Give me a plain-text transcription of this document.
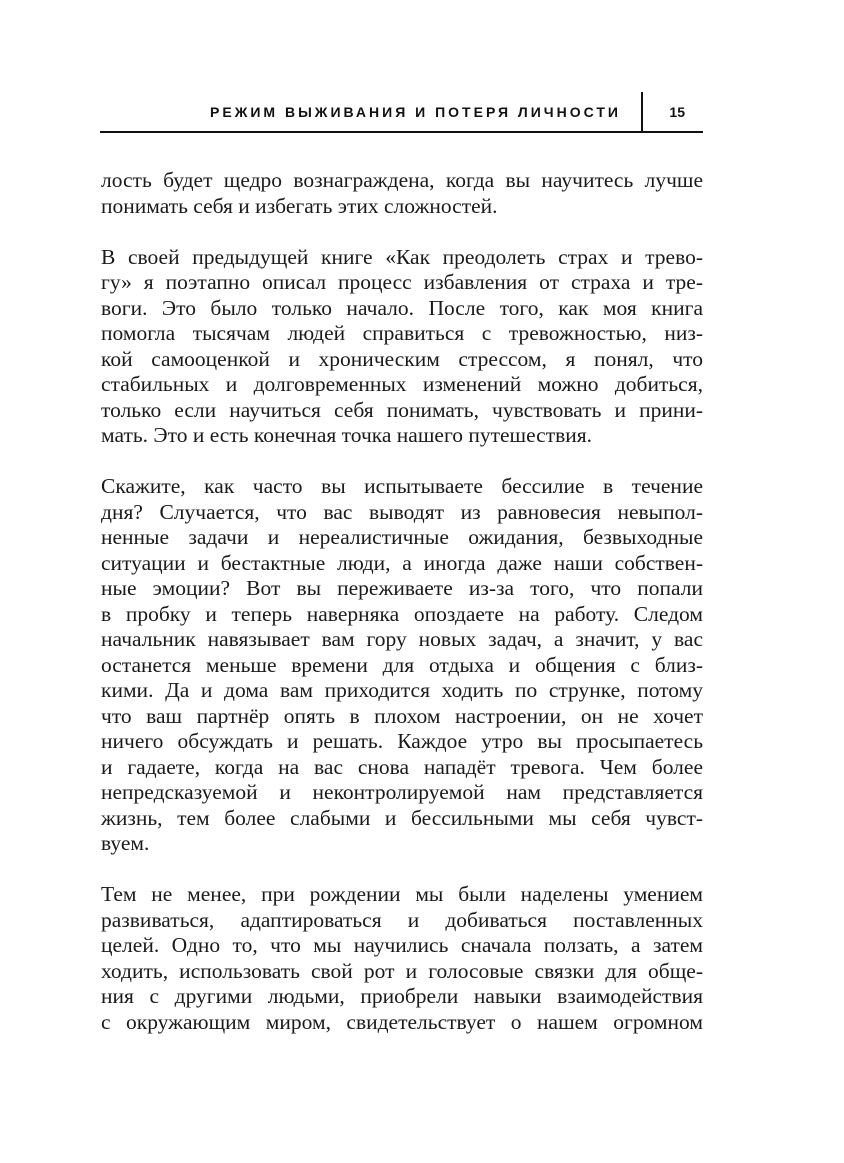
РЕЖИМ ВЫЖИВАНИЯ И ПОТЕРЯ ЛИЧНОСТИ	15
лость будет щедро вознаграждена, когда вы научитесь лучше
понимать себя и избегать этих сложностей.
В своей предыдущей книге «Как преодолеть страх и трево-
гу» я поэтапно описал процесс избавления от страха и тре-
воги. Это было только начало. После того, как моя книга
помогла тысячам людей справиться с тревожностью, низ-
кой самооценкой и хроническим стрессом, я понял, что
стабильных и долговременных изменений можно добиться,
только если научиться себя понимать, чувствовать и прини-
мать. Это и есть конечная точка нашего путешествия.
Скажите, как часто вы испытываете бессилие в течение
дня? Случается, что вас выводят из равновесия невыпол-
ненные задачи и нереалистичные ожидания, безвыходные
ситуации и бестактные люди, а иногда даже наши собствен-
ные эмоции? Вот вы переживаете из-за того, что попали
в пробку и теперь наверняка опоздаете на работу. Следом
начальник навязывает вам гору новых задач, а значит, у вас
останется меньше времени для отдыха и общения с близ-
кими. Да и дома вам приходится ходить по струнке, потому
что ваш партнёр опять в плохом настроении, он не хочет
ничего обсуждать и решать. Каждое утро вы просыпаетесь
и гадаете, когда на вас снова нападёт тревога. Чем более
непредсказуемой и неконтролируемой нам представляется
жизнь, тем более слабыми и бессильными мы себя чувст-
вуем.
Тем не менее, при рождении мы были наделены умением
развиваться, адаптироваться и добиваться поставленных
целей. Одно то, что мы научились сначала ползать, а затем
ходить, использовать свой рот и голосовые связки для обще-
ния с другими людьми, приобрели навыки взаимодействия
с окружающим миром, свидетельствует о нашем огромном
